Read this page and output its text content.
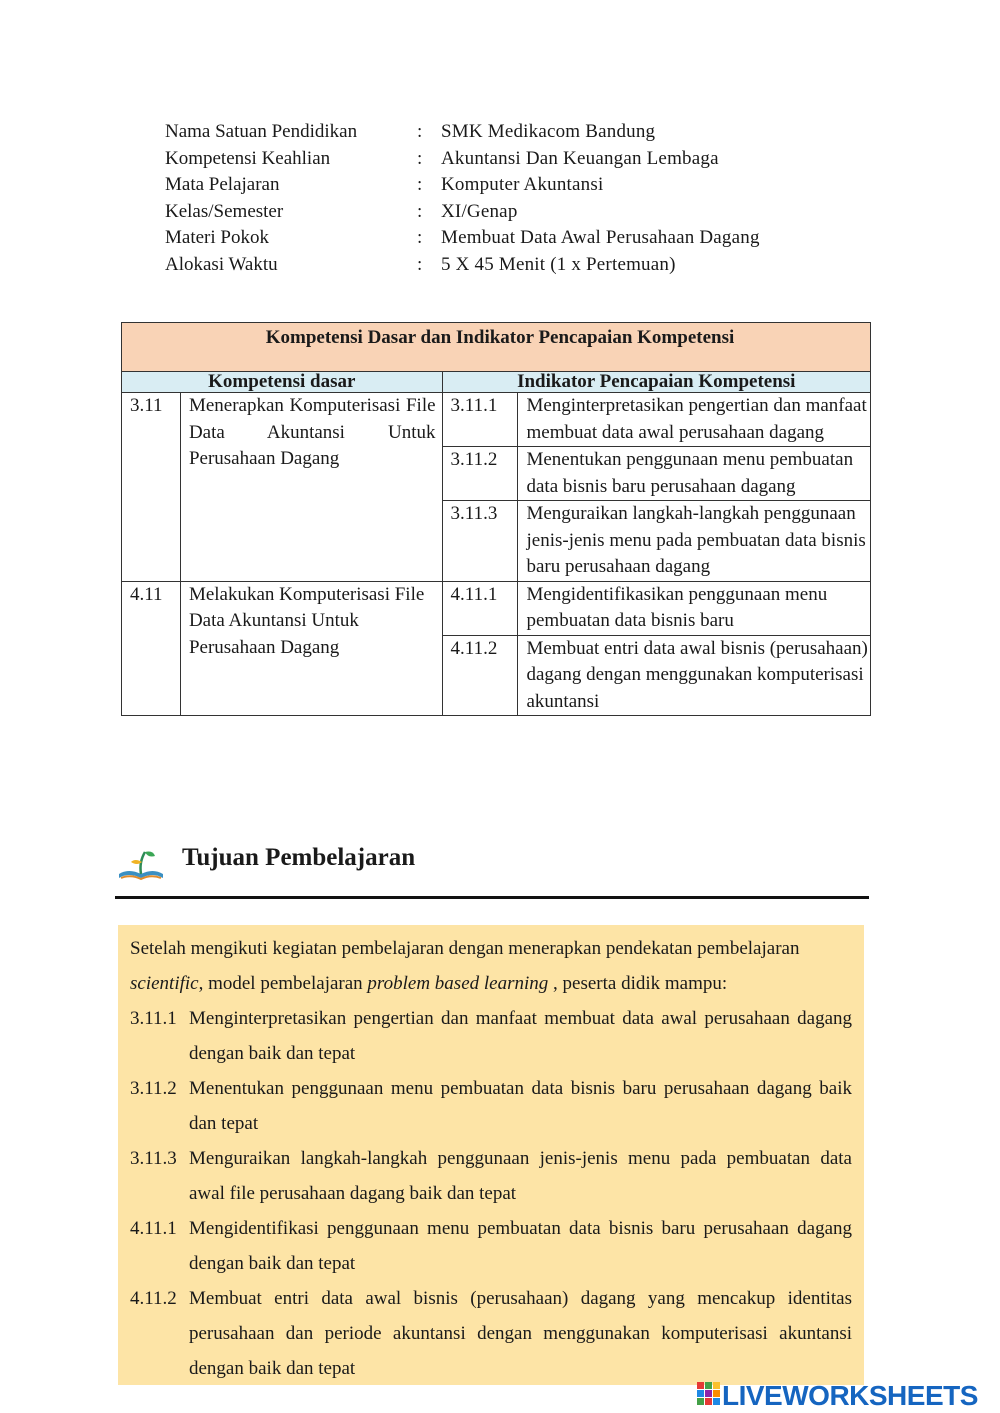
Nama Satuan Pendidikan	: SMK Medikacom Bandung
Kompetensi Keahlian	: Akuntansi Dan Keuangan Lembaga
Mata Pelajaran	: Komputer Akuntansi
Kelas/Semester	: XI/Genap
Materi Pokok	: Membuat Data Awal Perusahaan Dagang
Alokasi Waktu	: 5 X 45 Menit (1 x Pertemuan)
Kompetensi Dasar dan Indikator Pencapaian Kompetensi			
Kompetensi dasar		Indikator Pencapaian Kompetensi	
3.11	Menerapkan Komputerisasi File Data Akuntansi Untuk Perusahaan Dagang	3.11.1	Menginterpretasikan pengertian dan manfaat membuat data awal perusahaan dagang
		3.11.2	Menentukan penggunaan menu pembuatan data bisnis baru perusahaan dagang
		3.11.3	Menguraikan langkah-langkah penggunaan jenis-jenis menu pada pembuatan data bisnis baru perusahaan dagang
4.11	Melakukan Komputerisasi File Data Akuntansi Untuk Perusahaan Dagang	4.11.1	Mengidentifikasikan penggunaan menu pembuatan data bisnis baru
		4.11.2	Membuat entri data awal bisnis (perusahaan) dagang dengan menggunakan komputerisasi akuntansi
Tujuan Pembelajaran

Setelah mengikuti kegiatan pembelajaran dengan menerapkan pendekatan pembelajaran
scientific, model pembelajaran problem based learning , peserta didik mampu:

3.11.1 Menginterpretasikan pengertian dan manfaat membuat data awal perusahaan dagang dengan baik dan tepat
3.11.2 Menentukan penggunaan menu pembuatan data bisnis baru perusahaan dagang baik dan tepat
3.11.3 Menguraikan langkah-langkah penggunaan jenis-jenis menu pada pembuatan data awal file perusahaan dagang baik dan tepat
4.11.1 Mengidentifikasi penggunaan menu pembuatan data bisnis baru perusahaan dagang dengan baik dan tepat
4.11.2 Membuat entri data awal bisnis (perusahaan) dagang yang mencakup identitas perusahaan dan periode akuntansi dengan menggunakan komputerisasi akuntansi dengan baik dan tepat
LIVEWORKSHEETS
